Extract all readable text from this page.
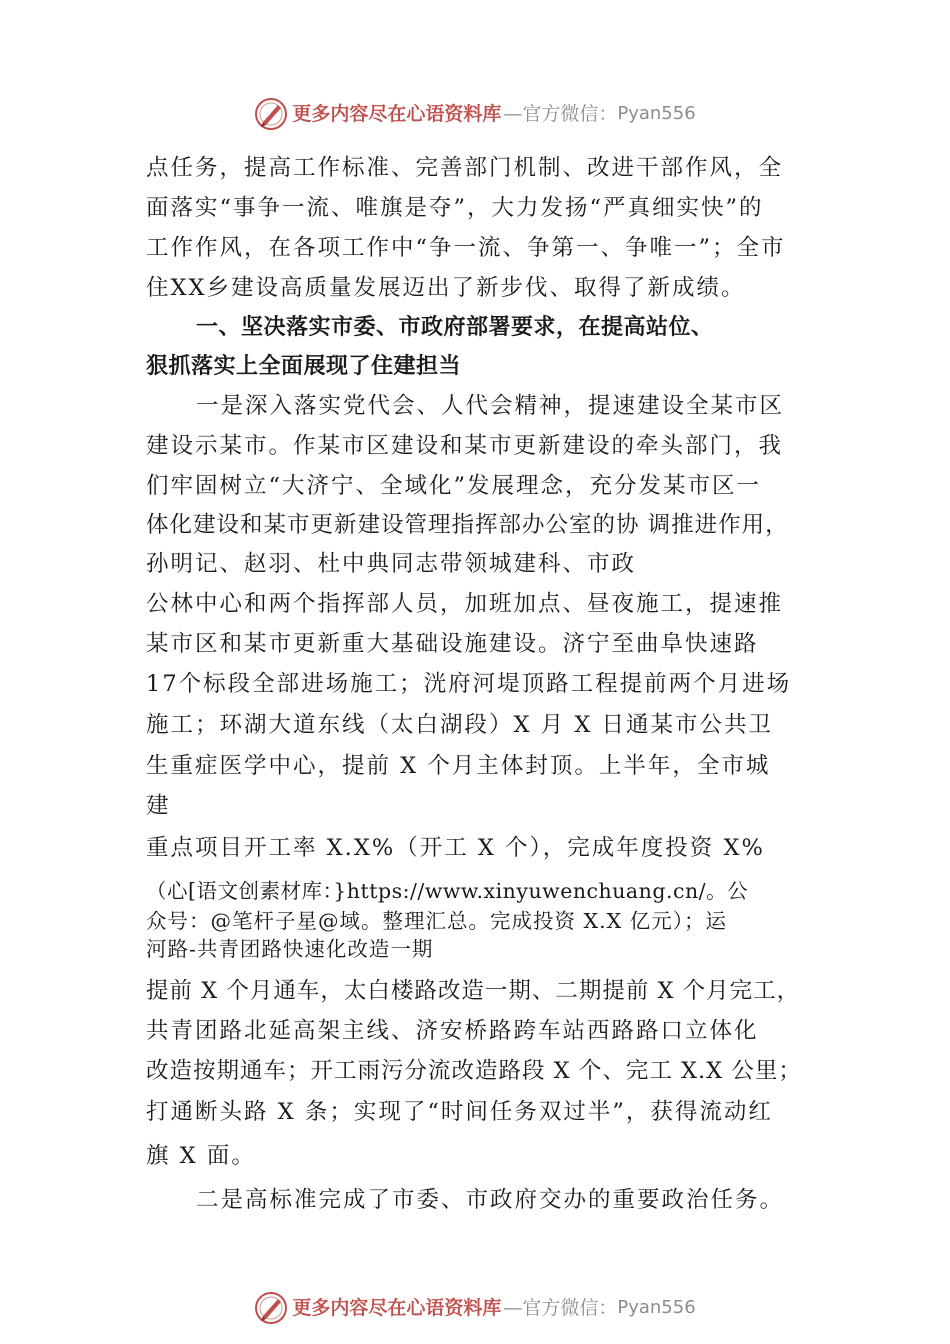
更多内容尽在心语资料库 —官方微信： Pyan556
点任务，提高工作标准、完善部门机制、改进干部作风，全
面落实“事争一流、唯旗是夺”，大力发扬“严真细实快”的
工作作风，在各项工作中“争一流、争第一、争唯一”；全市
住XX乡建设高质量发展迈出了新步伐、取得了新成绩。
一、坚决落实市委、市政府部署要求，在提高站位、
狠抓落实上全面展现了住建担当
一是深入落实党代会、人代会精神，提速建设全某市区
建设示某市。作某市区建设和某市更新建设的牵头部门，我
们牢固树立“大济宁、全域化”发展理念，充分发某市区一
体化建设和某市更新建设管理指挥部办公室的协 调推进作用，
孙明记、赵羽、杜中典同志带领城建科、市政
公林中心和两个指挥部人员，加班加点、昼夜施工，提速推
某市区和某市更新重大基础设施建设。济宁至曲阜快速路
17个标段全部进场施工；洸府河堤顶路工程提前两个月进场
施工；环湖大道东线（太白湖段）X 月 X 日通某市公共卫
生重症医学中心，提前 X 个月主体封顶。上半年，全市城
建
重点项目开工率 X.X%（开工 X 个），完成年度投资 X%
（心[语文创素材库：}https://www.xinyuwenchuang.cn/。公
众号：@笔杆子星@域。整理汇总。完成投资 X.X 亿元）；运
河路-共青团路快速化改造一期
提前 X 个月通车，太白楼路改造一期、二期提前 X 个月完工，
共青团路北延高架主线、济安桥路跨车站西路路口立体化
改造按期通车；开工雨污分流改造路段 X 个、完工 X.X 公里；
打通断头路 X 条；实现了“时间任务双过半”，获得流动红
旗 X 面。
二是高标准完成了市委、市政府交办的重要政治任务。
更多内容尽在心语资料库 —官方微信： Pyan556
